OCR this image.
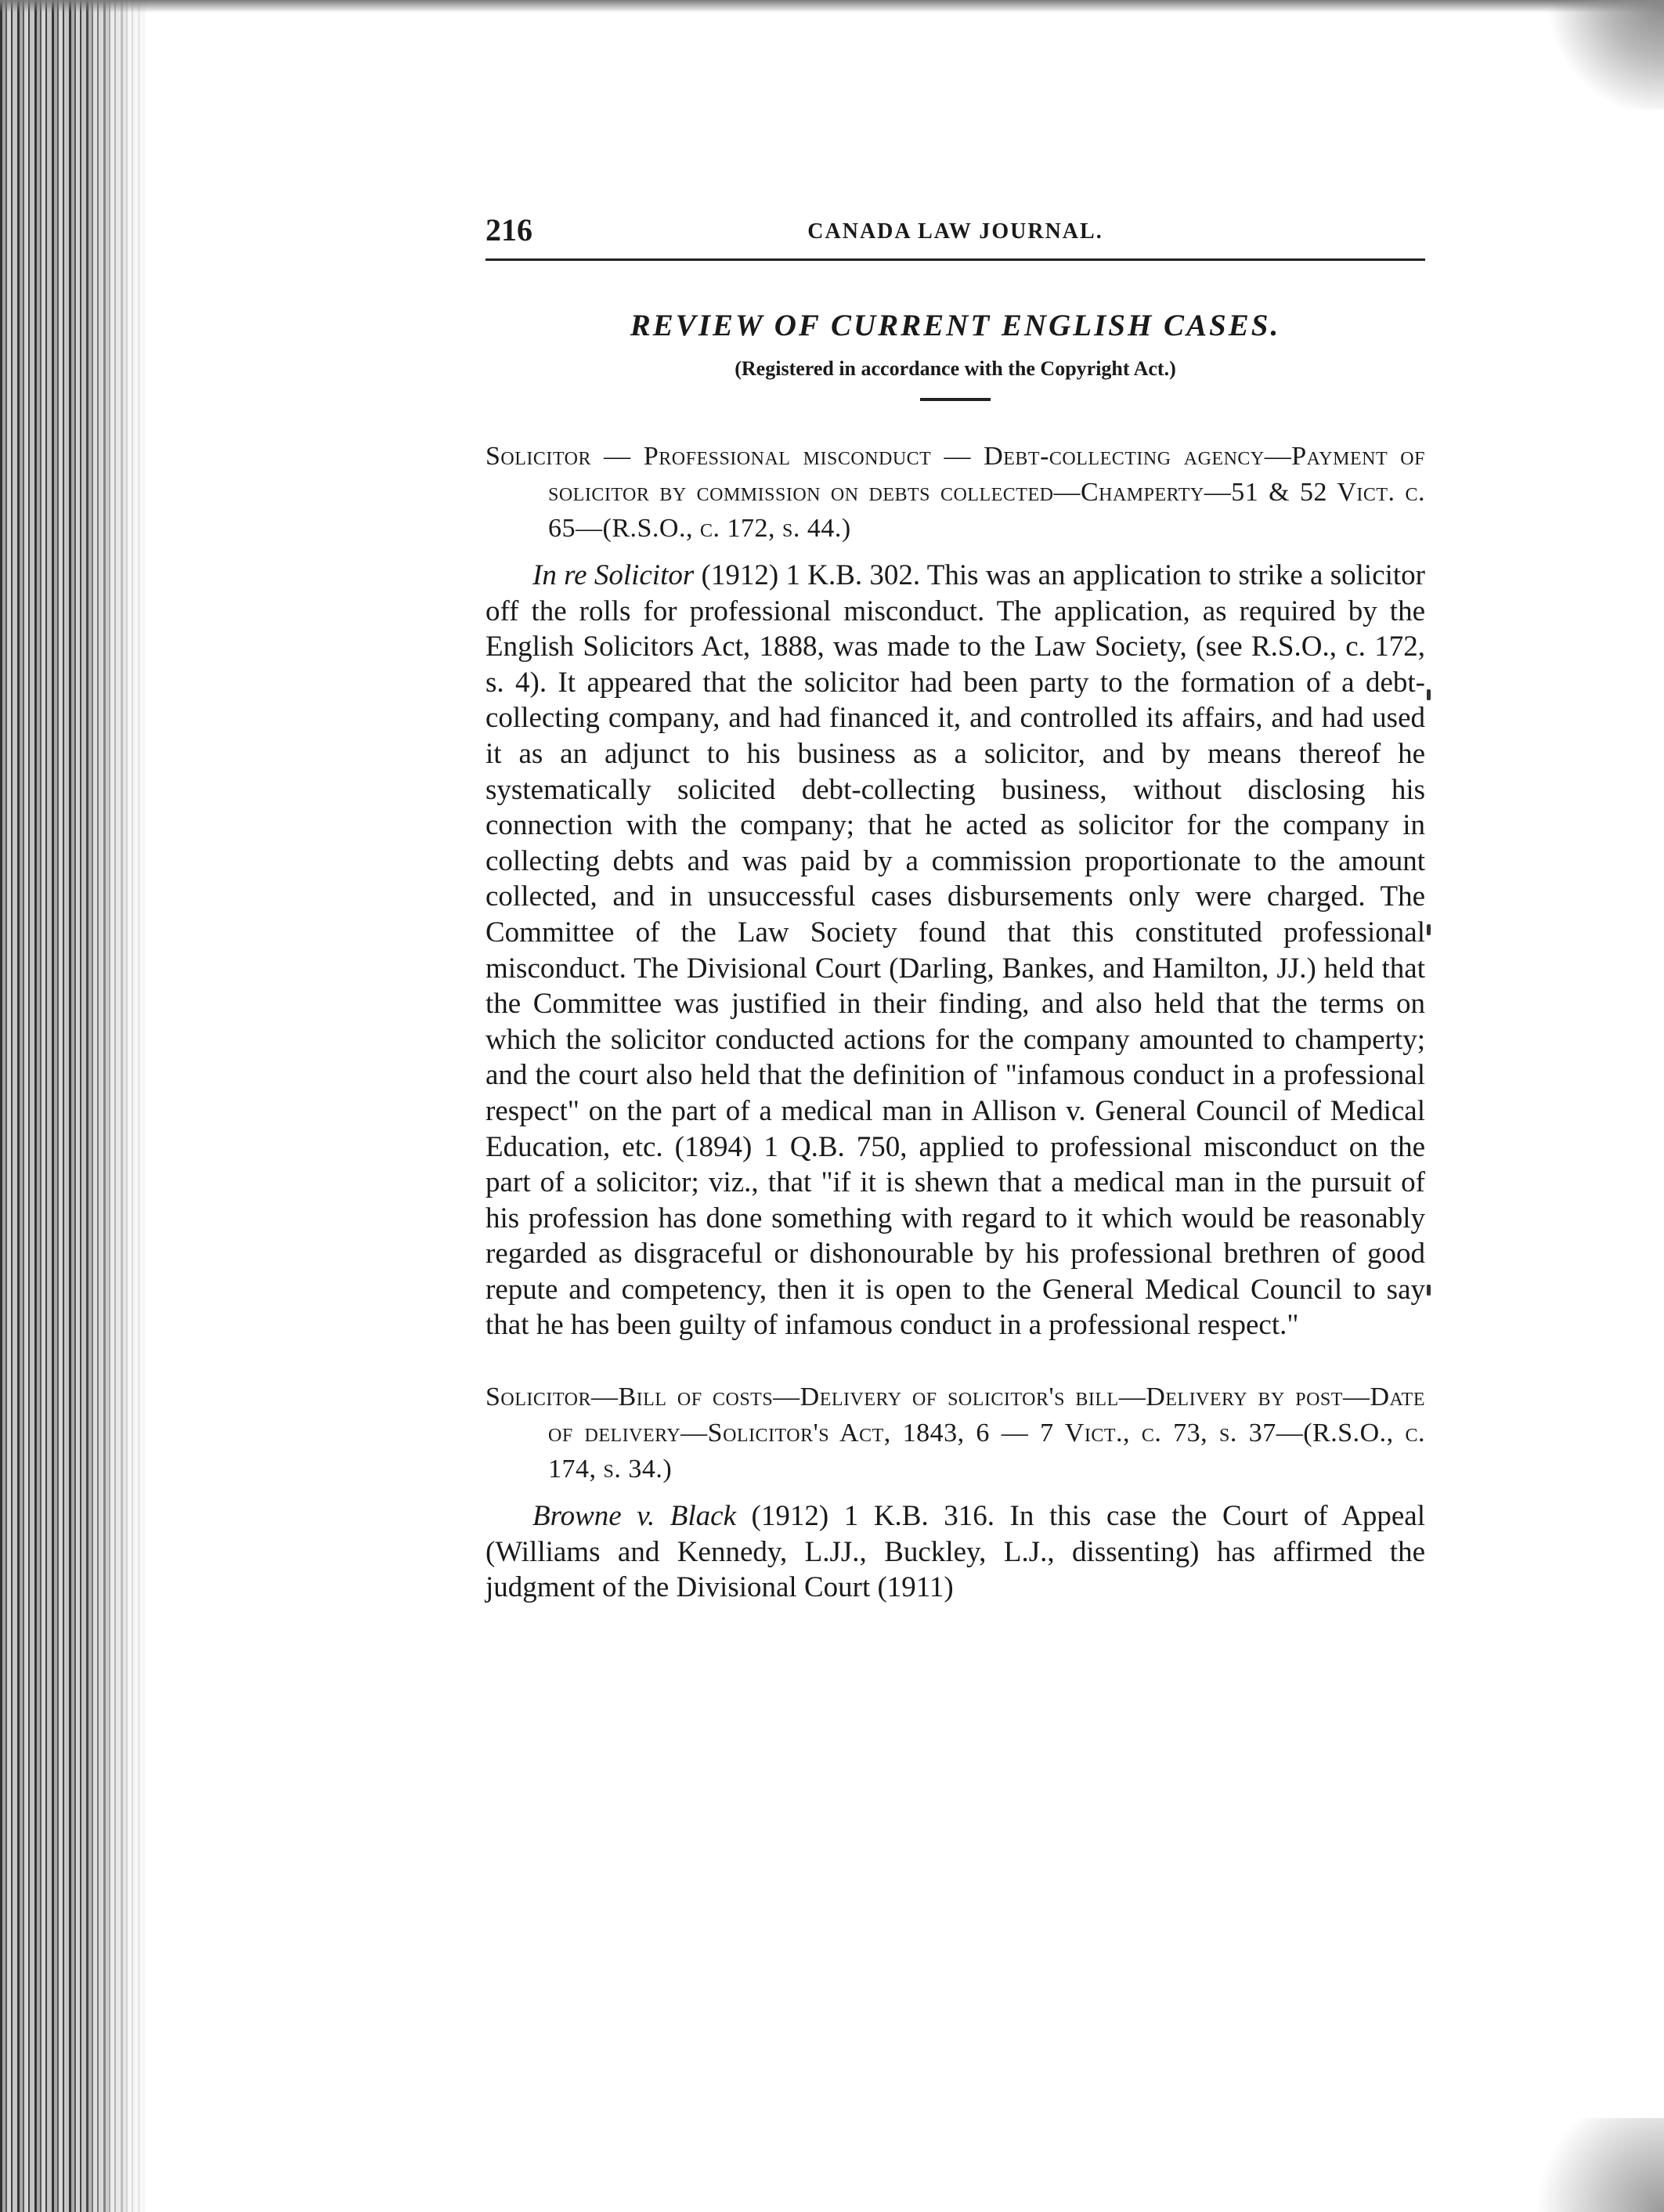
216	CANADA LAW JOURNAL.
REVIEW OF CURRENT ENGLISH CASES.
(Registered in accordance with the Copyright Act.)
Solicitor — Professional misconduct — Debt-collecting agency—Payment of solicitor by commission on debts collected—Champerty—51 & 52 Vict. c. 65—(R.S.O., c. 172, s. 44.)

In re Solicitor (1912) 1 K.B. 302. This was an application to strike a solicitor off the rolls for professional misconduct. The application, as required by the English Solicitors Act, 1888, was made to the Law Society, (see R.S.O., c. 172, s. 4). It appeared that the solicitor had been party to the formation of a debt-collecting company, and had financed it, and controlled its affairs, and had used it as an adjunct to his business as a solicitor, and by means thereof he systematically solicited debt-collecting business, without disclosing his connection with the company; that he acted as solicitor for the company in collecting debts and was paid by a commission proportionate to the amount collected, and in unsuccessful cases disbursements only were charged. The Committee of the Law Society found that this constituted professional misconduct. The Divisional Court (Darling, Bankes, and Hamilton, JJ.) held that the Committee was justified in their finding, and also held that the terms on which the solicitor conducted actions for the company amounted to champerty; and the court also held that the definition of "infamous conduct in a professional respect" on the part of a medical man in Allison v. General Council of Medical Education, etc. (1894) 1 Q.B. 750, applied to professional misconduct on the part of a solicitor; viz., that "if it is shewn that a medical man in the pursuit of his profession has done something with regard to it which would be reasonably regarded as disgraceful or dishonourable by his professional brethren of good repute and competency, then it is open to the General Medical Council to say that he has been guilty of infamous conduct in a professional respect."

Solicitor—Bill of costs—Delivery of solicitor's bill—Delivery by post—Date of delivery—Solicitor's Act, 1843, 6 — 7 Vict., c. 73, s. 37—(R.S.O., c. 174, s. 34.)

Browne v. Black (1912) 1 K.B. 316. In this case the Court of Appeal (Williams and Kennedy, L.JJ., Buckley, L.J., dissenting) has affirmed the judgment of the Divisional Court (1911)
